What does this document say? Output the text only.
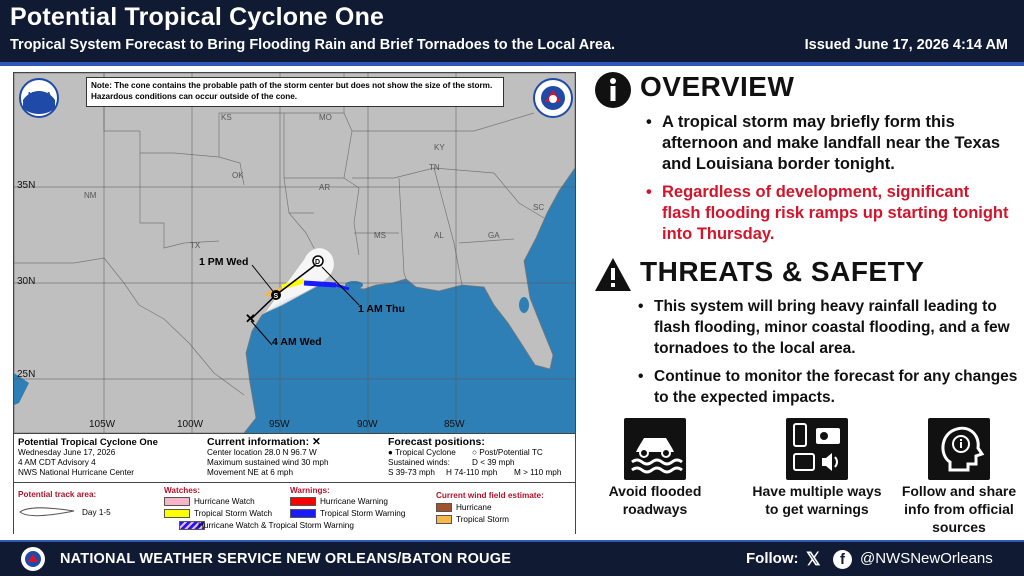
Potential Tropical Cyclone One
Tropical System Forecast to Bring Flooding Rain and Brief Tornadoes to the Local Area.	Issued June 17, 2026 4:14 AM
✕
S
D
Note: The cone contains the probable path of the storm center but does not show the size of the storm. Hazardous conditions can occur outside of the cone.
NOAA
KS	MO
KY
OK
AR
TN
SC
NM
TX
MS	AL	GA
35N
30N
25N
105W	100W	95W	90W	85W
1 PM Wed
1 AM Thu
4 AM Wed
Potential Tropical Cyclone One
Wednesday June 17, 2026
4 AM CDT Advisory 4
NWS National Hurricane Center
Current information: ✕
Center location 28.0 N 96.7 W
Maximum sustained wind 30 mph
Movement NE at 6 mph
Forecast positions:
● Tropical Cyclone ○ Post/Potential TC
Sustained winds:	D < 39 mph
S 39-73 mph H 74-110 mph M > 110 mph
Potential track area:
Day 1-5
Watches:
Hurricane Watch
Tropical Storm Watch
Hurricane Watch & Tropical Storm Warning
Warnings:
Hurricane Warning
Tropical Storm Warning
Current wind field estimate:
Hurricane
Tropical Storm
OVERVIEW
• A tropical storm may briefly form this afternoon and make landfall near the Texas and Louisiana border tonight.
• Regardless of development, significant flash flooding risk ramps up starting tonight into Thursday.
THREATS & SAFETY
• This system will bring heavy rainfall leading to flash flooding, minor coastal flooding, and a few tornadoes to the local area.
• Continue to monitor the forecast for any changes to the expected impacts.
Avoid flooded roadways
Have multiple ways to get warnings
Follow and share info from official sources
NATIONAL WEATHER SERVICE NEW ORLEANS/BATON ROUGE	Follow: 𝕏	f	@NWSNewOrleans
